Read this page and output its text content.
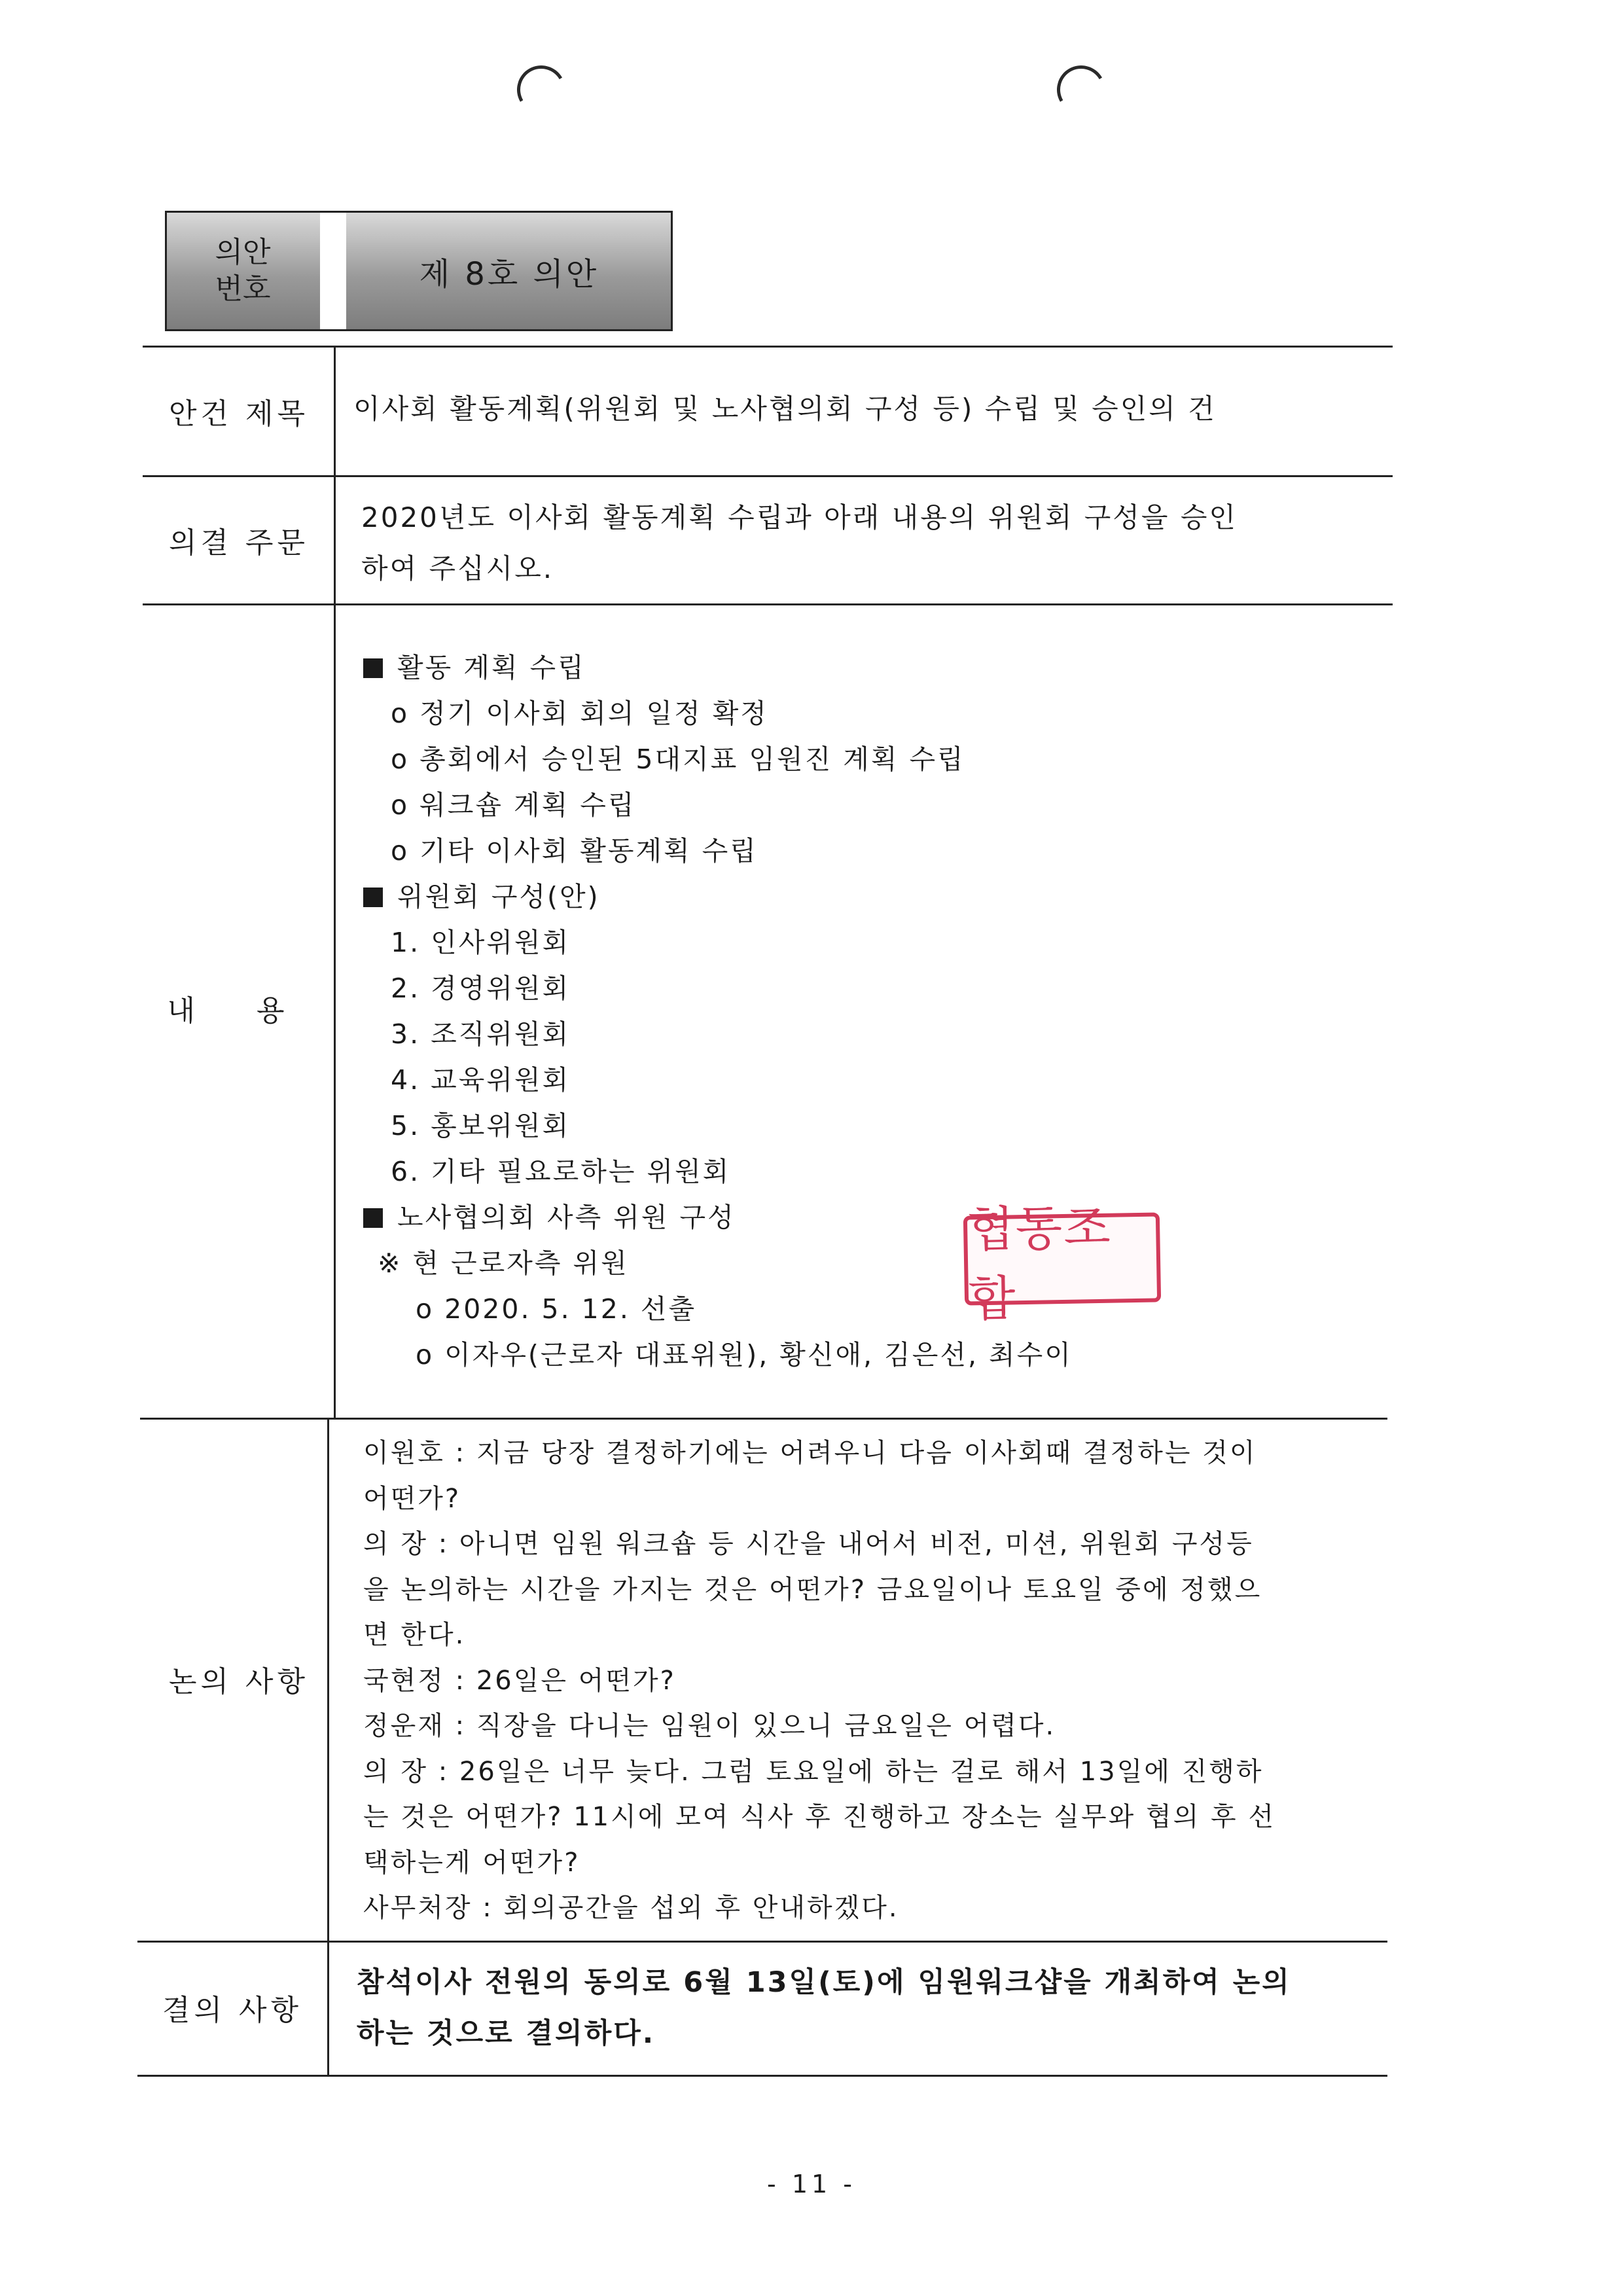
의안
번호	제 8호 의안
안건 제목	이사회 활동계획(위원회 및 노사협의회 구성 등) 수립 및 승인의 건
의결 주문
2020년도 이사회 활동계획 수립과 아래 내용의 위원회 구성을 승인
하여 주십시오.
내 용
활동 계획 수립
o 정기 이사회 회의 일정 확정
o 총회에서 승인된 5대지표 임원진 계획 수립
o 워크숍 계획 수립
o 기타 이사회 활동계획 수립
위원회 구성(안)
1. 인사위원회
2. 경영위원회
3. 조직위원회
4. 교육위원회
5. 홍보위원회
6. 기타 필요로하는 위원회
노사협의회 사측 위원 구성
※ 현 근로자측 위원
o 2020. 5. 12. 선출
o 이자우(근로자 대표위원), 황신애, 김은선, 최수이
협동조합
논의 사항
이원호 : 지금 당장 결정하기에는 어려우니 다음 이사회때 결정하는 것이
어떤가?
의 장 : 아니면 임원 워크숍 등 시간을 내어서 비전, 미션, 위원회 구성등
을 논의하는 시간을 가지는 것은 어떤가? 금요일이나 토요일 중에 정했으
면 한다.
국현정 : 26일은 어떤가?
정운재 : 직장을 다니는 임원이 있으니 금요일은 어렵다.
의 장 : 26일은 너무 늦다. 그럼 토요일에 하는 걸로 해서 13일에 진행하
는 것은 어떤가? 11시에 모여 식사 후 진행하고 장소는 실무와 협의 후 선
택하는게 어떤가?
사무처장 : 회의공간을 섭외 후 안내하겠다.
결의 사항
참석이사 전원의 동의로 6월 13일(토)에 임원워크샵을 개최하여 논의
하는 것으로 결의하다.
- 11 -
